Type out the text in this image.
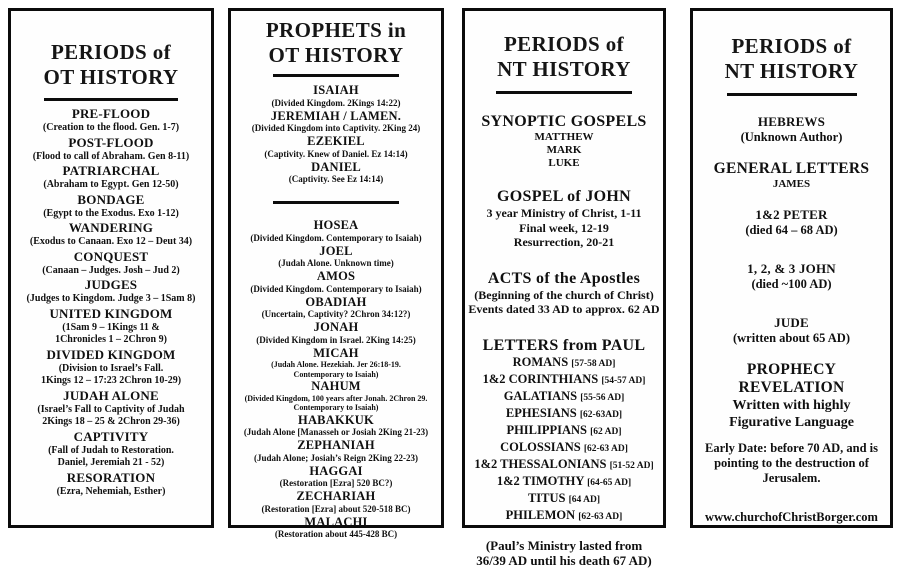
PERIODS of
OT HISTORY
PRE-FLOOD
(Creation to the flood. Gen. 1-7)
POST-FLOOD
(Flood to call of Abraham. Gen 8-11)
PATRIARCHAL
(Abraham to Egypt. Gen 12-50)
BONDAGE
(Egypt to the Exodus. Exo 1-12)
WANDERING
(Exodus to Canaan. Exo 12 – Deut 34)
CONQUEST
(Canaan – Judges. Josh – Jud 2)
JUDGES
(Judges to Kingdom. Judge 3 – 1Sam 8)
UNITED KINGDOM
(1Sam 9 – 1Kings 11 &
1Chronicles 1 – 2Chron 9)
DIVIDED KINGDOM
(Division to Israel’s Fall.
1Kings 12 – 17:23 2Chron 10-29)
JUDAH ALONE
(Israel’s Fall to Captivity of Judah
2Kings 18 – 25 & 2Chron 29-36)
CAPTIVITY
(Fall of Judah to Restoration.
Daniel, Jeremiah 21 - 52)
RESORATION
(Ezra, Nehemiah, Esther)
PROPHETS in
OT HISTORY
ISAIAH
(Divided Kingdom. 2Kings 14:22)
JEREMIAH / LAMEN.
(Divided Kingdom into Captivity. 2King 24)
EZEKIEL
(Captivity. Knew of Daniel. Ez 14:14)
DANIEL
(Captivity. See Ez 14:14)
HOSEA
(Divided Kingdom. Contemporary to Isaiah)
JOEL
(Judah Alone. Unknown time)
AMOS
(Divided Kingdom. Contemporary to Isaiah)
OBADIAH
(Uncertain, Captivity? 2Chron 34:12?)
JONAH
(Divided Kingdom in Israel. 2King 14:25)
MICAH
(Judah Alone. Hezekiah. Jer 26:18-19.
Contemporary to Isaiah)
NAHUM
(Divided Kingdom, 100 years after Jonah. 2Chron 29.
Contemporary to Isaiah)
HABAKKUK
(Judah Alone [Manasseh or Josiah 2King 21-23)
ZEPHANIAH
(Judah Alone; Josiah’s Reign 2King 22-23)
HAGGAI
(Restoration [Ezra] 520 BC?)
ZECHARIAH
(Restoration [Ezra] about 520-518 BC)
MALACHI
(Restoration about 445-428 BC)
PERIODS of
NT HISTORY
SYNOPTIC GOSPELS
MATTHEW
MARK
LUKE
GOSPEL of JOHN
3 year Ministry of Christ, 1-11
Final week, 12-19
Resurrection, 20-21
ACTS of the Apostles
(Beginning of the church of Christ)
Events dated 33 AD to approx. 62 AD
LETTERS from PAUL
ROMANS [57-58 AD]
1&2 CORINTHIANS [54-57 AD]
GALATIANS [55-56 AD]
EPHESIANS [62-63AD]
PHILIPPIANS [62 AD]
COLOSSIANS [62-63 AD]
1&2 THESSALONIANS [51-52 AD]
1&2 TIMOTHY [64-65 AD]
TITUS [64 AD]
PHILEMON [62-63 AD]
(Paul’s Ministry lasted from
36/39 AD until his death 67 AD)
PERIODS of
NT HISTORY
HEBREWS
(Unknown Author)
GENERAL LETTERS
JAMES
1&2 PETER
(died 64 – 68 AD)
1, 2, & 3 JOHN
(died ~100 AD)
JUDE
(written about 65 AD)
PROPHECY
REVELATION
Written with highly
Figurative Language
Early Date: before 70 AD, and is
pointing to the destruction of
Jerusalem.
www.churchofChristBorger.com
